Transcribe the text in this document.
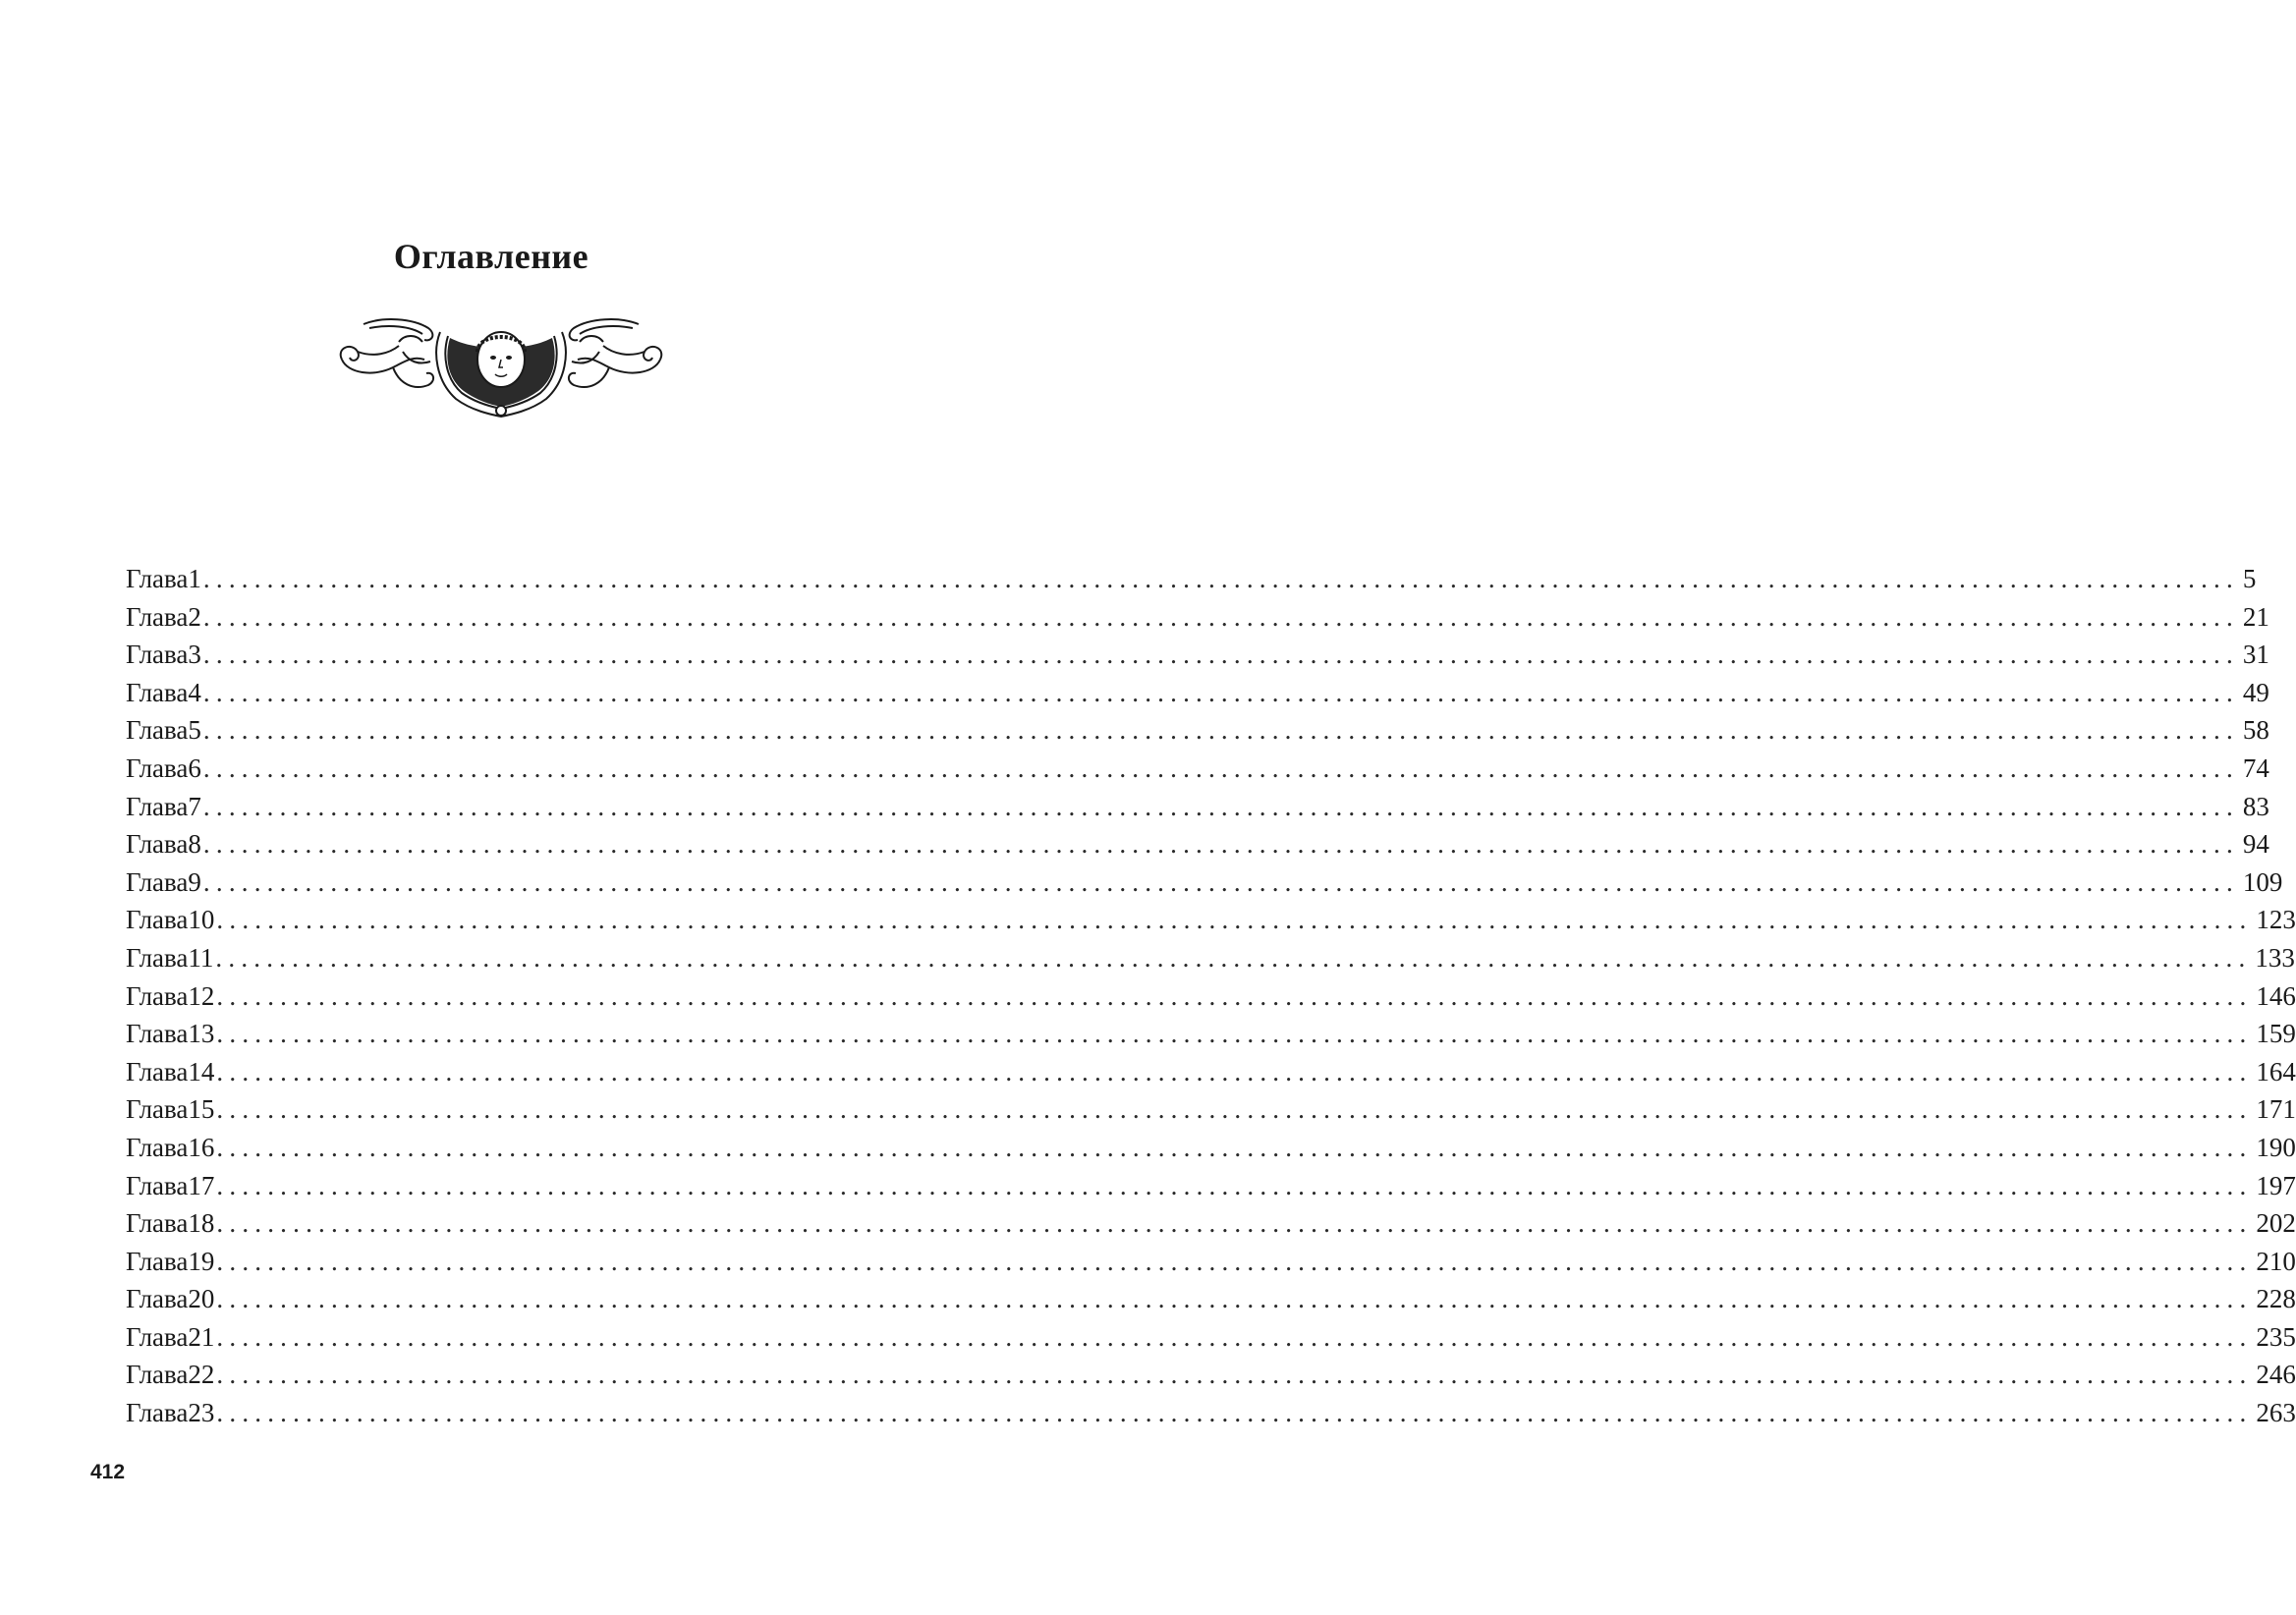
Оглавление
Глава 1 ................................................................................................................................................................ 5
Глава 2 ................................................................................................................................................................ 21
Глава 3 ................................................................................................................................................................ 31
Глава 4 ................................................................................................................................................................ 49
Глава 5 ................................................................................................................................................................ 58
Глава 6 ................................................................................................................................................................ 74
Глава 7 ................................................................................................................................................................ 83
Глава 8 ................................................................................................................................................................ 94
Глава 9 ................................................................................................................................................................ 109
Глава 10 ................................................................................................................................................................ 123
Глава 11 ................................................................................................................................................................ 133
Глава 12 ................................................................................................................................................................ 146
Глава 13 ................................................................................................................................................................ 159
Глава 14 ................................................................................................................................................................ 164
Глава 15 ................................................................................................................................................................ 171
Глава 16 ................................................................................................................................................................ 190
Глава 17 ................................................................................................................................................................ 197
Глава 18 ................................................................................................................................................................ 202
Глава 19 ................................................................................................................................................................ 210
Глава 20 ................................................................................................................................................................ 228
Глава 21 ................................................................................................................................................................ 235
Глава 22 ................................................................................................................................................................ 246
Глава 23 ................................................................................................................................................................ 263
412
